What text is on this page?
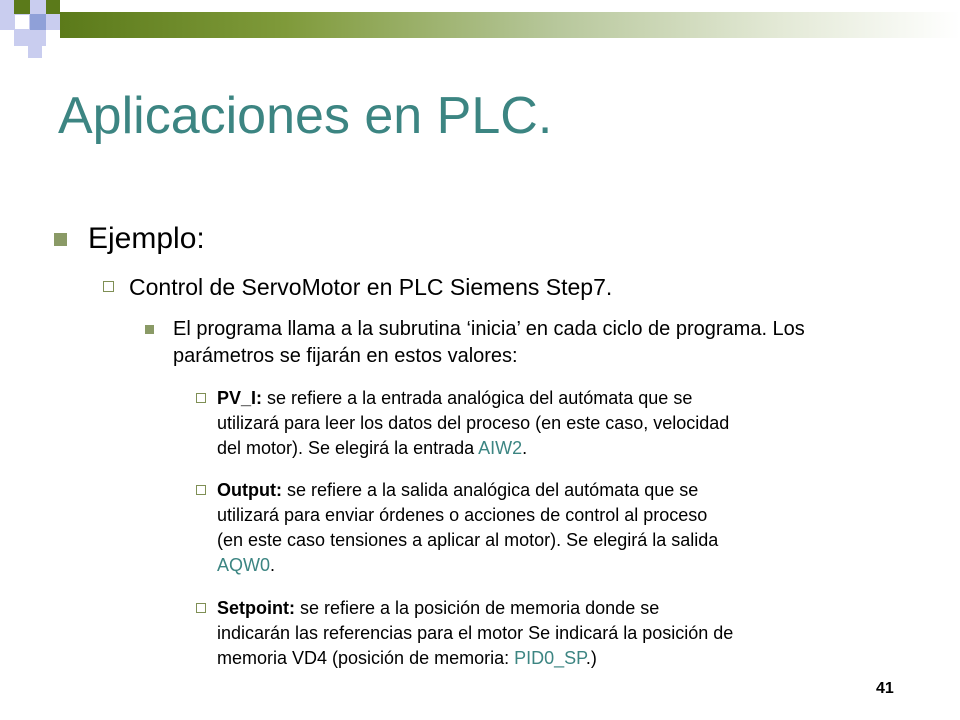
Aplicaciones en PLC.
Ejemplo:
Control de ServoMotor en PLC Siemens Step7.
El programa llama a la subrutina ‘inicia’ en cada ciclo de programa. Los parámetros se fijarán en estos valores:
PV_I: se refiere a la entrada analógica del autómata que se
utilizará para leer los datos del proceso (en este caso, velocidad
del motor). Se elegirá la entrada AIW2.
Output: se refiere a la salida analógica del autómata que se
utilizará para enviar órdenes o acciones de control al proceso
(en este caso tensiones a aplicar al motor). Se elegirá la salida
AQW0.
Setpoint: se refiere a la posición de memoria donde se
indicarán las referencias para el motor Se indicará la posición de
memoria VD4 (posición de memoria: PID0_SP.)
41
